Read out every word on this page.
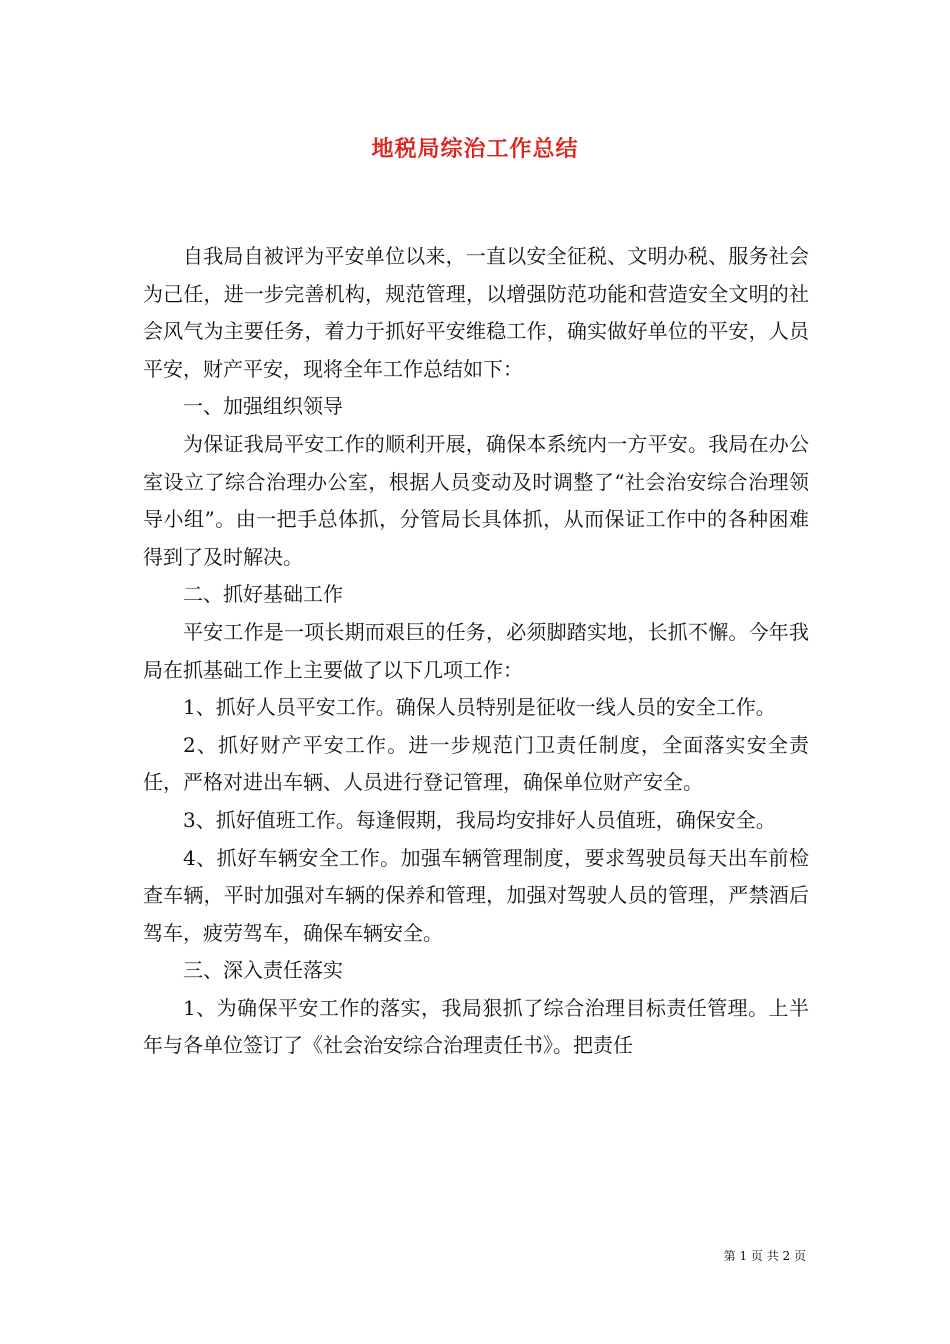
地税局综治工作总结

自我局自被评为平安单位以来，一直以安全征税、文明办税、服务社会为己任，进一步完善机构，规范管理，以增强防范功能和营造安全文明的社会风气为主要任务，着力于抓好平安维稳工作，确实做好单位的平安，人员平安，财产平安，现将全年工作总结如下：

一、加强组织领导

为保证我局平安工作的顺利开展，确保本系统内一方平安。我局在办公室设立了综合治理办公室，根据人员变动及时调整了“社会治安综合治理领导小组”。由一把手总体抓，分管局长具体抓，从而保证工作中的各种困难得到了及时解决。

二、抓好基础工作

平安工作是一项长期而艰巨的任务，必须脚踏实地，长抓不懈。今年我局在抓基础工作上主要做了以下几项工作：

1、抓好人员平安工作。确保人员特别是征收一线人员的安全工作。

2、抓好财产平安工作。进一步规范门卫责任制度，全面落实安全责任，严格对进出车辆、人员进行登记管理，确保单位财产安全。

3、抓好值班工作。每逢假期，我局均安排好人员值班，确保安全。

4、抓好车辆安全工作。加强车辆管理制度，要求驾驶员每天出车前检查车辆，平时加强对车辆的保养和管理，加强对驾驶人员的管理，严禁酒后驾车，疲劳驾车，确保车辆安全。

三、深入责任落实

1、为确保平安工作的落实，我局狠抓了综合治理目标责任管理。上半年与各单位签订了《社会治安综合治理责任书》。把责任

第 1 页 共 2 页
